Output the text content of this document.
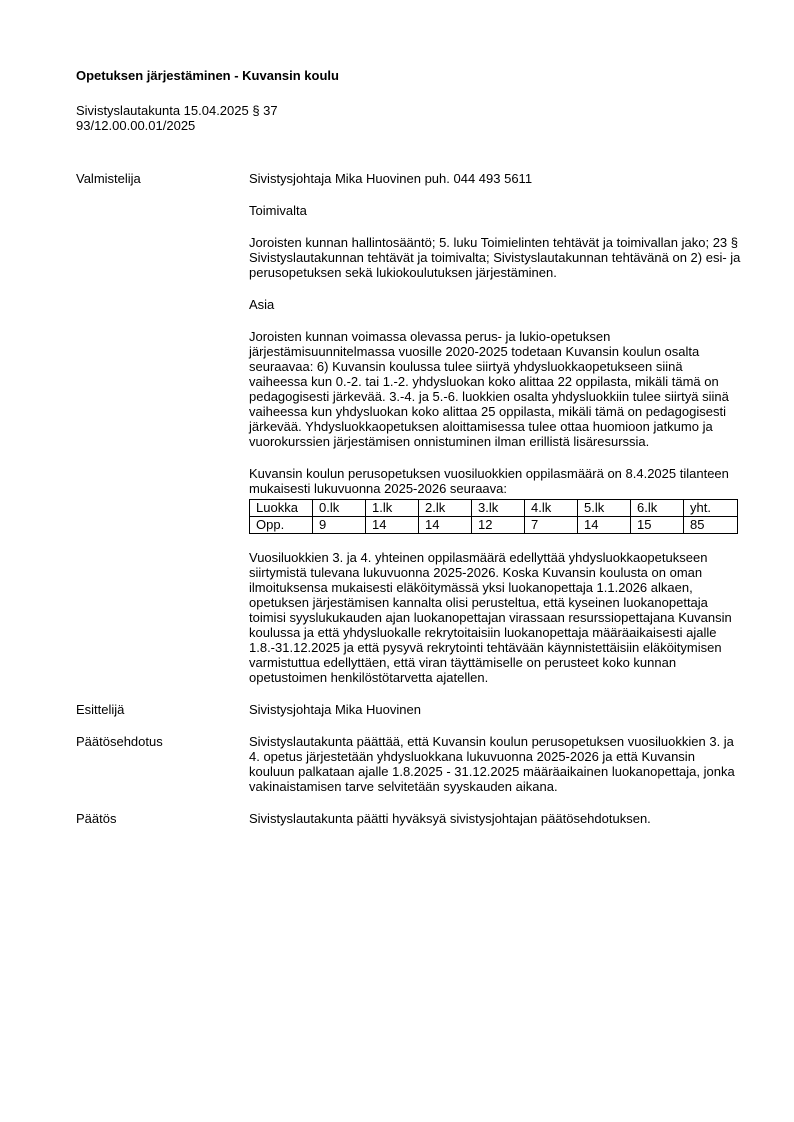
Opetuksen järjestäminen - Kuvansin koulu

Sivistyslautakunta 15.04.2025 § 37
93/12.00.00.01/2025
Valmistelija	Sivistysjohtaja Mika Huovinen puh. 044 493 5611

Toimivalta

Joroisten kunnan hallintosääntö; 5. luku Toimielinten tehtävät ja toimivallan jako; 23 § Sivistyslautakunnan tehtävät ja toimivalta; Sivistyslautakunnan tehtävänä on 2) esi- ja perusopetuksen sekä lukiokoulutuksen järjestäminen.

Asia

Joroisten kunnan voimassa olevassa perus- ja lukio-opetuksen järjestämisuunnitelmassa vuosille 2020-2025 todetaan Kuvansin koulun osalta seuraavaa: 6) Kuvansin koulussa tulee siirtyä yhdysluokkaopetukseen siinä vaiheessa kun 0.-2. tai 1.-2. yhdysluokan koko alittaa 22 oppilasta, mikäli tämä on pedagogisesti järkevää. 3.-4. ja 5.-6. luokkien osalta yhdysluokkiin tulee siirtyä siinä vaiheessa kun yhdysluokan koko alittaa 25 oppilasta, mikäli tämä on pedagogisesti järkevää. Yhdysluokkaopetuksen aloittamisessa tulee ottaa huomioon jatkumo ja vuorokurssien järjestämisen onnistuminen ilman erillistä lisäresurssia.

Kuvansin koulun perusopetuksen vuosiluokkien oppilasmäärä on 8.4.2025 tilanteen mukaisesti lukuvuonna 2025-2026 seuraava:

Luokka	0.lk	1.lk	2.lk	3.lk	4.lk	5.lk	6.lk	yht.
Opp.	9	14	14	12	7	14	15	85

Vuosiluokkien 3. ja 4. yhteinen oppilasmäärä edellyttää yhdysluokkaopetukseen siirtymistä tulevana lukuvuonna 2025-2026. Koska Kuvansin koulusta on oman ilmoituksensa mukaisesti eläköitymässä yksi luokanopettaja 1.1.2026 alkaen, opetuksen järjestämisen kannalta olisi perusteltua, että kyseinen luokanopettaja toimisi syyslukukauden ajan luokanopettajan virassaan resurssiopettajana Kuvansin koulussa ja että yhdysluokalle rekrytoitaisiin luokanopettaja määräaikaisesti ajalle 1.8.-31.12.2025 ja että pysyvä rekrytointi tehtävään käynnistettäisiin eläköitymisen varmistuttua edellyttäen, että viran täyttämiselle on perusteet koko kunnan opetustoimen henkilöstötarvetta ajatellen.

Esittelijä	Sivistysjohtaja Mika Huovinen

Päätösehdotus	Sivistyslautakunta päättää, että Kuvansin koulun perusopetuksen vuosiluokkien 3. ja 4. opetus järjestetään yhdysluokkana lukuvuonna 2025-2026 ja että Kuvansin kouluun palkataan ajalle 1.8.2025 - 31.12.2025 määräaikainen luokanopettaja, jonka vakinaistamisen tarve selvitetään syyskauden aikana.

Päätös	Sivistyslautakunta päätti hyväksyä sivistysjohtajan päätösehdotuksen.
